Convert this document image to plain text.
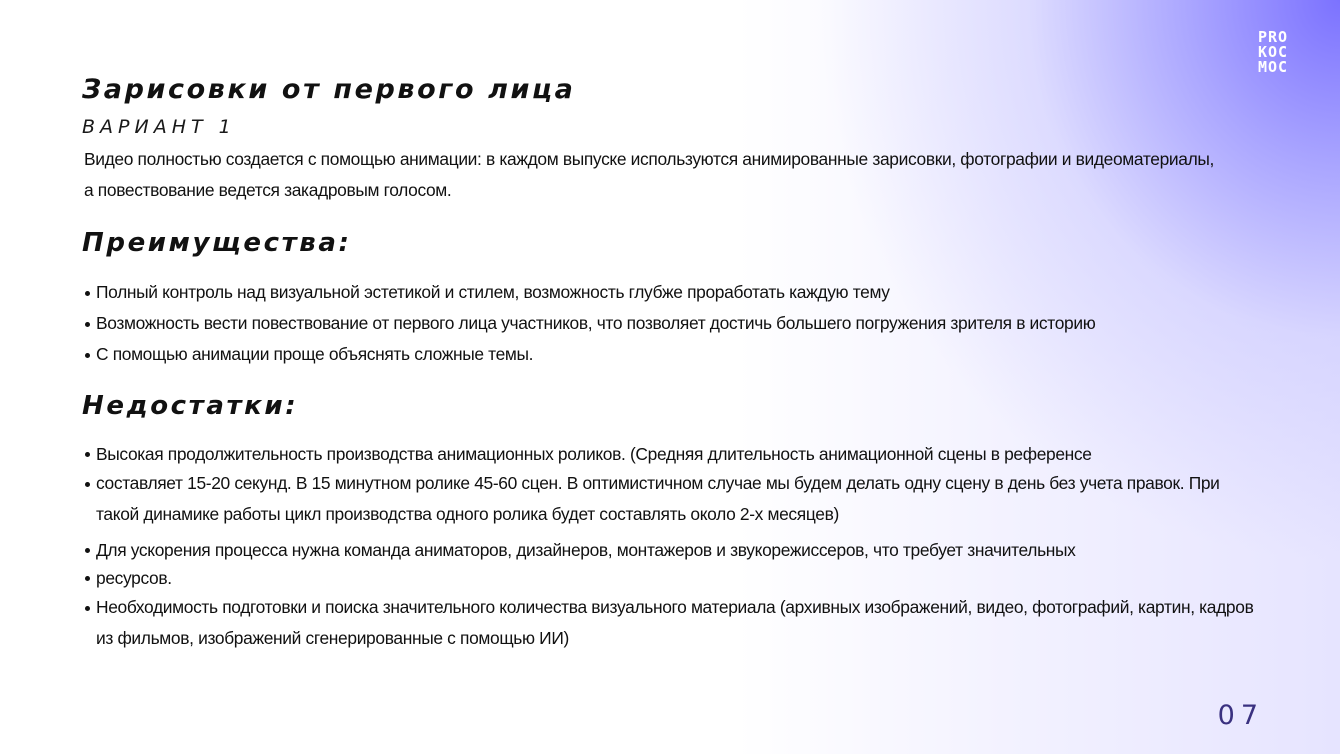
PRO
KOC
MOC
Зарисовки от первого лица
ВАРИАНТ 1

Видео полностью создается с помощью анимации: в каждом выпуске используются анимированные зарисовки, фотографии и видеоматериалы, а повествование ведется закадровым голосом.

Преимущества:
Полный контроль над визуальной эстетикой и стилем, возможность глубже проработать каждую тему
Возможность вести повествование от первого лица участников, что позволяет достичь большего погружения зрителя в историю
С помощью анимации проще объяснять сложные темы.
Недостатки:
Высокая продолжительность производства анимационных роликов. (Средняя длительность анимационной сцены в референсе
составляет 15-20 секунд. В 15 минутном ролике 45-60 сцен. В оптимистичном случае мы будем делать одну сцену в день без учета правок. При такой динамике работы цикл производства одного ролика будет составлять около 2-х месяцев)
Для ускорения процесса нужна команда аниматоров, дизайнеров, монтажеров и звукорежиссеров, что требует значительных
ресурсов.
Необходимость подготовки и поиска значительного количества визуального материала (архивных изображений, видео, фотографий, картин, кадров из фильмов, изображений сгенерированные с помощью ИИ)
07
